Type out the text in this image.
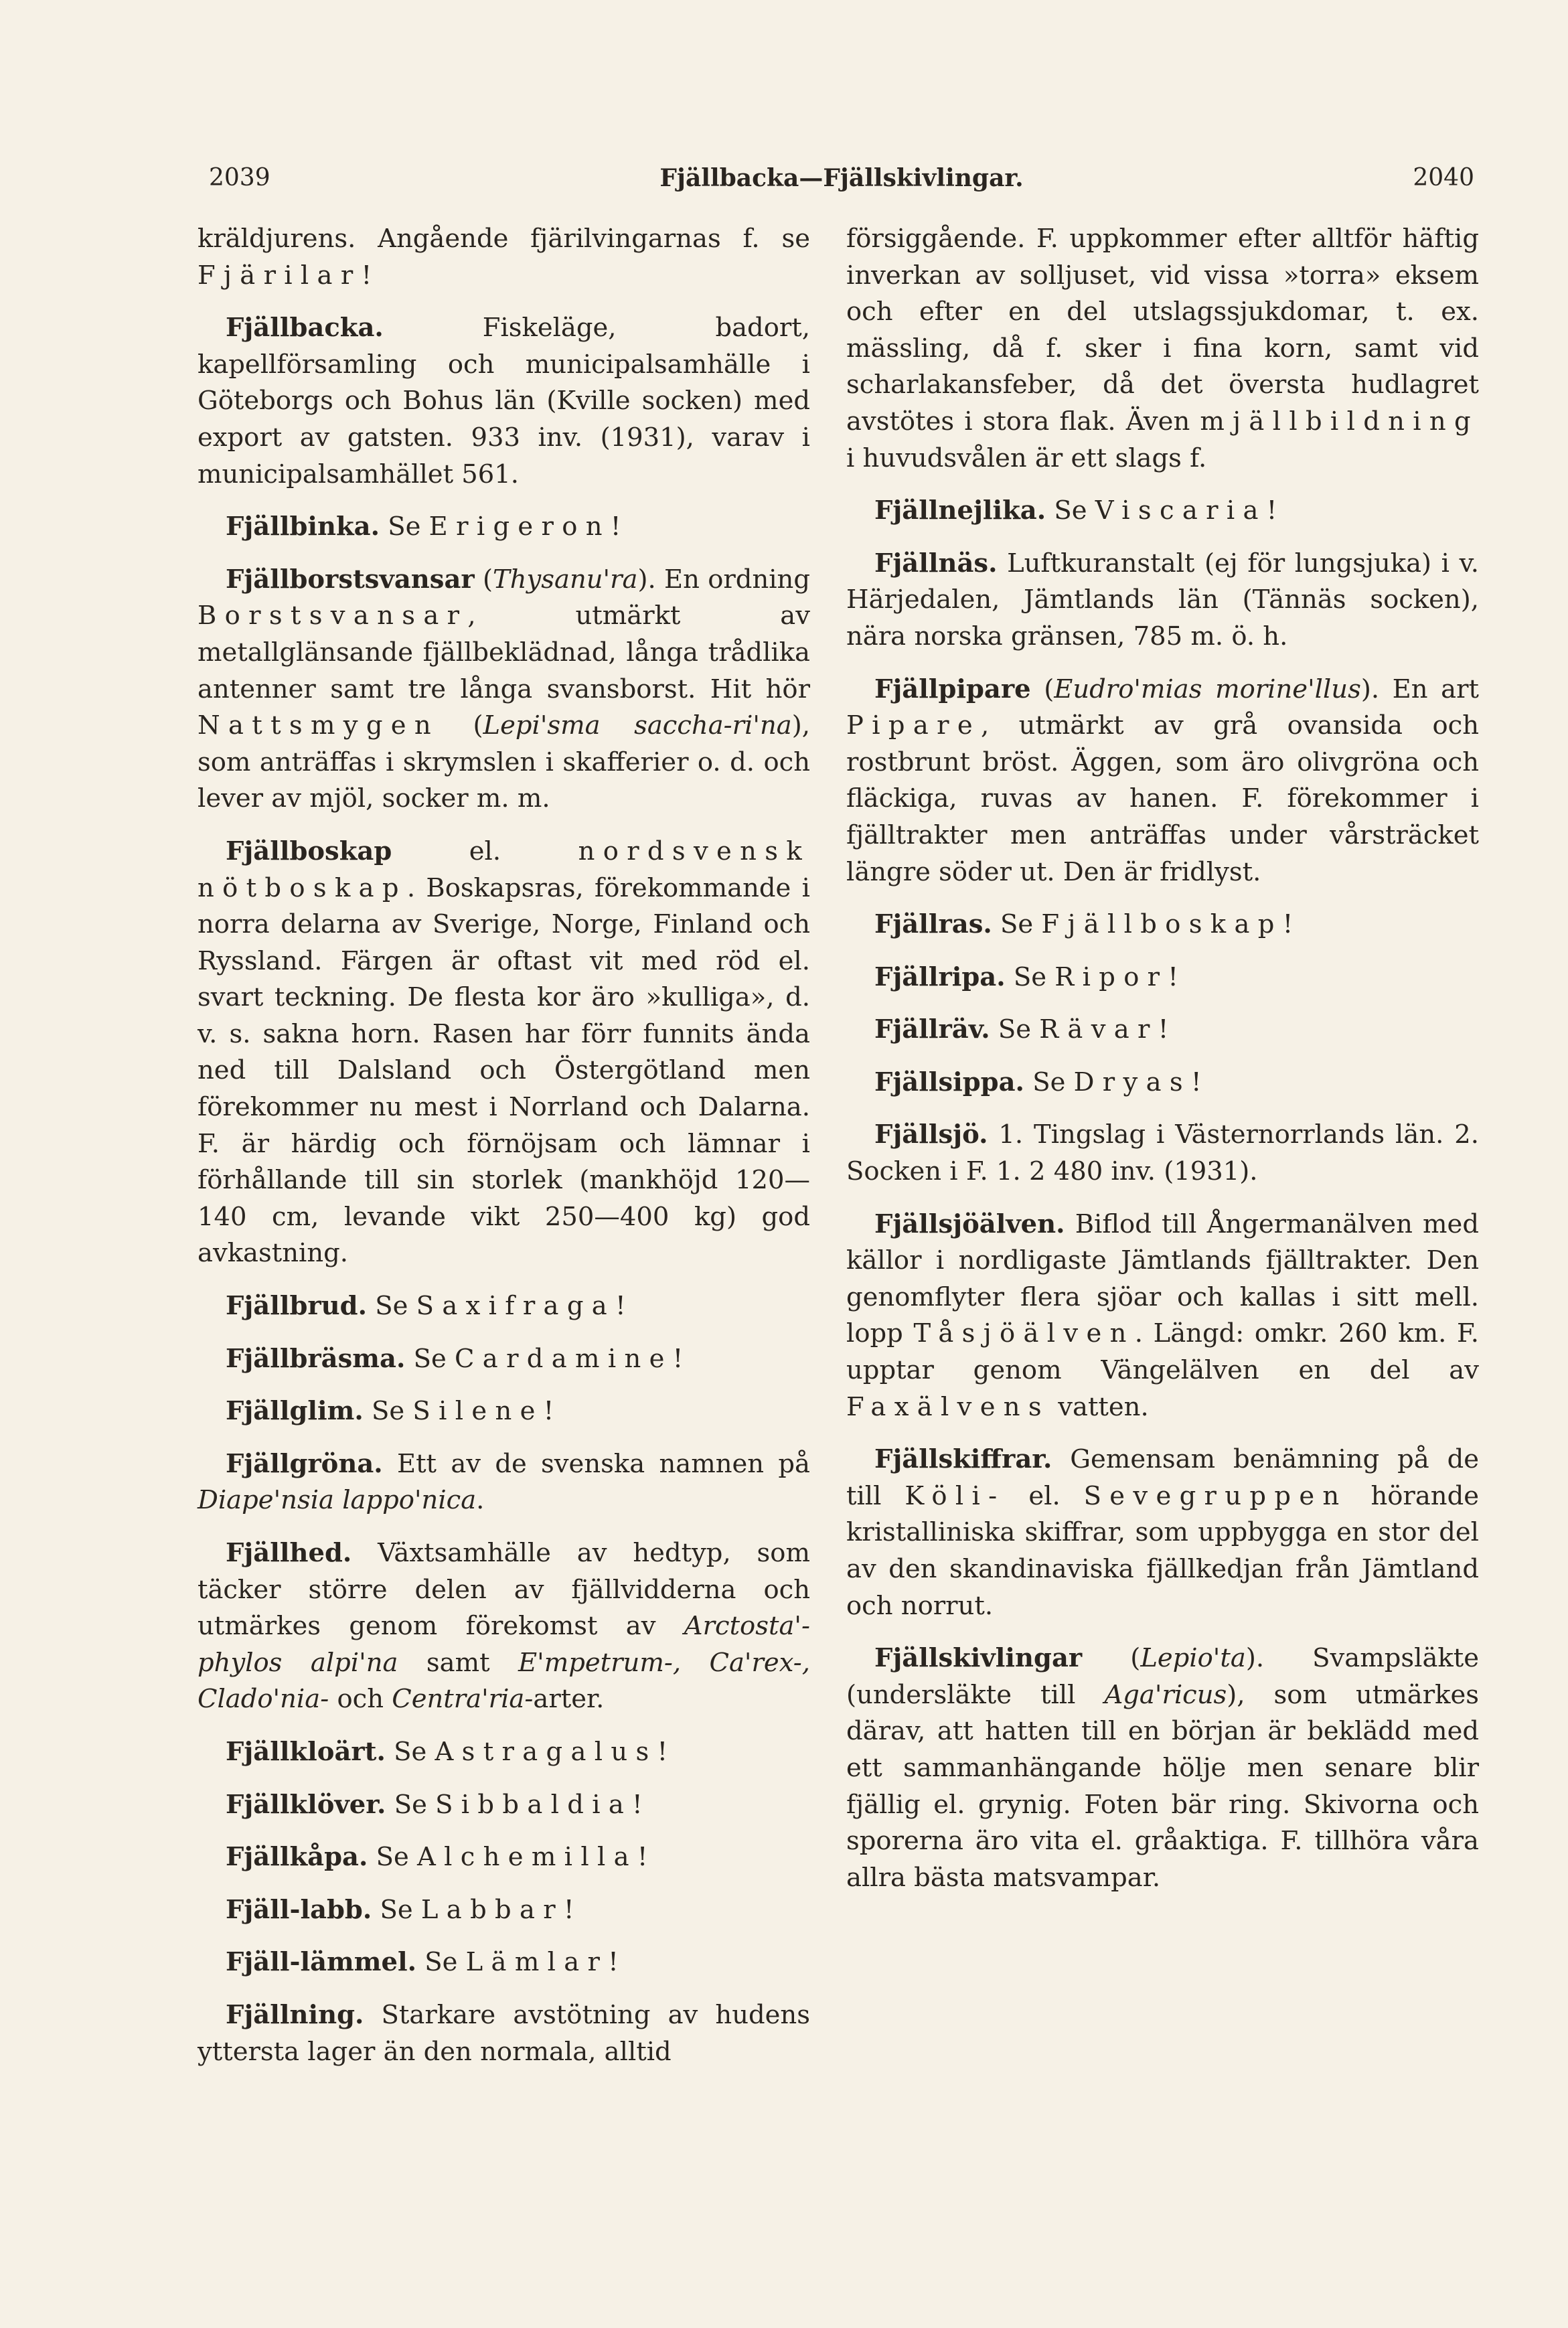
2039	Fjällbacka—Fjällskivlingar.	2040

kräldjurens. Angående fjärilvingarnas f. se Fjärilar!

Fjällbacka. Fiskeläge, badort, kapellförsamling och municipalsamhälle i Göteborgs och Bohus län (Kville socken) med export av gatsten. 933 inv. (1931), varav i municipalsamhället 561.

Fjällbinka. Se Erigeron!

Fjällborstsvansar (Thysanu'ra). En ordning Borstsvansar, utmärkt av metallglänsande fjällbeklädnad, långa trådlika antenner samt tre långa svansborst. Hit hör Nattsmygen (Lepi'sma saccha-ri'na), som anträffas i skrymslen i skafferier o. d. och lever av mjöl, socker m. m.

Fjällboskap el. nordsvensk nötboskap. Boskapsras, förekommande i norra delarna av Sverige, Norge, Finland och Ryssland. Färgen är oftast vit med röd el. svart teckning. De flesta kor äro »kulliga», d. v. s. sakna horn. Rasen har förr funnits ända ned till Dalsland och Östergötland men förekommer nu mest i Norrland och Dalarna. F. är härdig och förnöjsam och lämnar i förhållande till sin storlek (mankhöjd 120—140 cm, levande vikt 250—400 kg) god avkastning.

Fjällbrud. Se Saxifraga!

Fjällbräsma. Se Cardamine!

Fjällglim. Se Silene!

Fjällgröna. Ett av de svenska namnen på Diape'nsia lappo'nica.

Fjällhed. Växtsamhälle av hedtyp, som täcker större delen av fjällvidderna och utmärkes genom förekomst av Arctosta'-phylos alpi'na samt E'mpetrum-, Ca'rex-, Clado'nia- och Centra'ria-arter.

Fjällkloärt. Se Astragalus!

Fjällklöver. Se Sibbaldia!

Fjällkåpa. Se Alchemilla!

Fjäll-labb. Se Labbar!

Fjäll-lämmel. Se Lämlar!

Fjällning. Starkare avstötning av hudens yttersta lager än den normala, alltid

försiggående. F. uppkommer efter alltför häftig inverkan av solljuset, vid vissa »torra» eksem och efter en del utslagssjukdomar, t. ex. mässling, då f. sker i fina korn, samt vid scharlakansfeber, då det översta hudlagret avstötes i stora flak. Även mjällbildning i huvudsvålen är ett slags f.

Fjällnejlika. Se Viscaria!

Fjällnäs. Luftkuranstalt (ej för lungsjuka) i v. Härjedalen, Jämtlands län (Tännäs socken), nära norska gränsen, 785 m. ö. h.

Fjällpipare (Eudro'mias morine'llus). En art Pipare, utmärkt av grå ovansida och rostbrunt bröst. Äggen, som äro olivgröna och fläckiga, ruvas av hanen. F. förekommer i fjälltrakter men anträffas under vårsträcket längre söder ut. Den är fridlyst.

Fjällras. Se Fjällboskap!

Fjällripa. Se Ripor!

Fjällräv. Se Rävar!

Fjällsippa. Se Dryas!

Fjällsjö. 1. Tingslag i Västernorrlands län. 2. Socken i F. 1. 2 480 inv. (1931).

Fjällsjöälven. Biflod till Ångermanälven med källor i nordligaste Jämtlands fjälltrakter. Den genomflyter flera sjöar och kallas i sitt mell. lopp Tåsjöälven. Längd: omkr. 260 km. F. upptar genom Vängelälven en del av Faxälvens vatten.

Fjällskiffrar. Gemensam benämning på de till Köli- el. Sevegruppen hörande kristalliniska skiffrar, som uppbygga en stor del av den skandinaviska fjällkedjan från Jämtland och norrut.

Fjällskivlingar (Lepio'ta). Svampsläkte (undersläkte till Aga'ricus), som utmärkes därav, att hatten till en början är beklädd med ett sammanhängande hölje men senare blir fjällig el. grynig. Foten bär ring. Skivorna och sporerna äro vita el. gråaktiga. F. tillhöra våra allra bästa matsvampar.
